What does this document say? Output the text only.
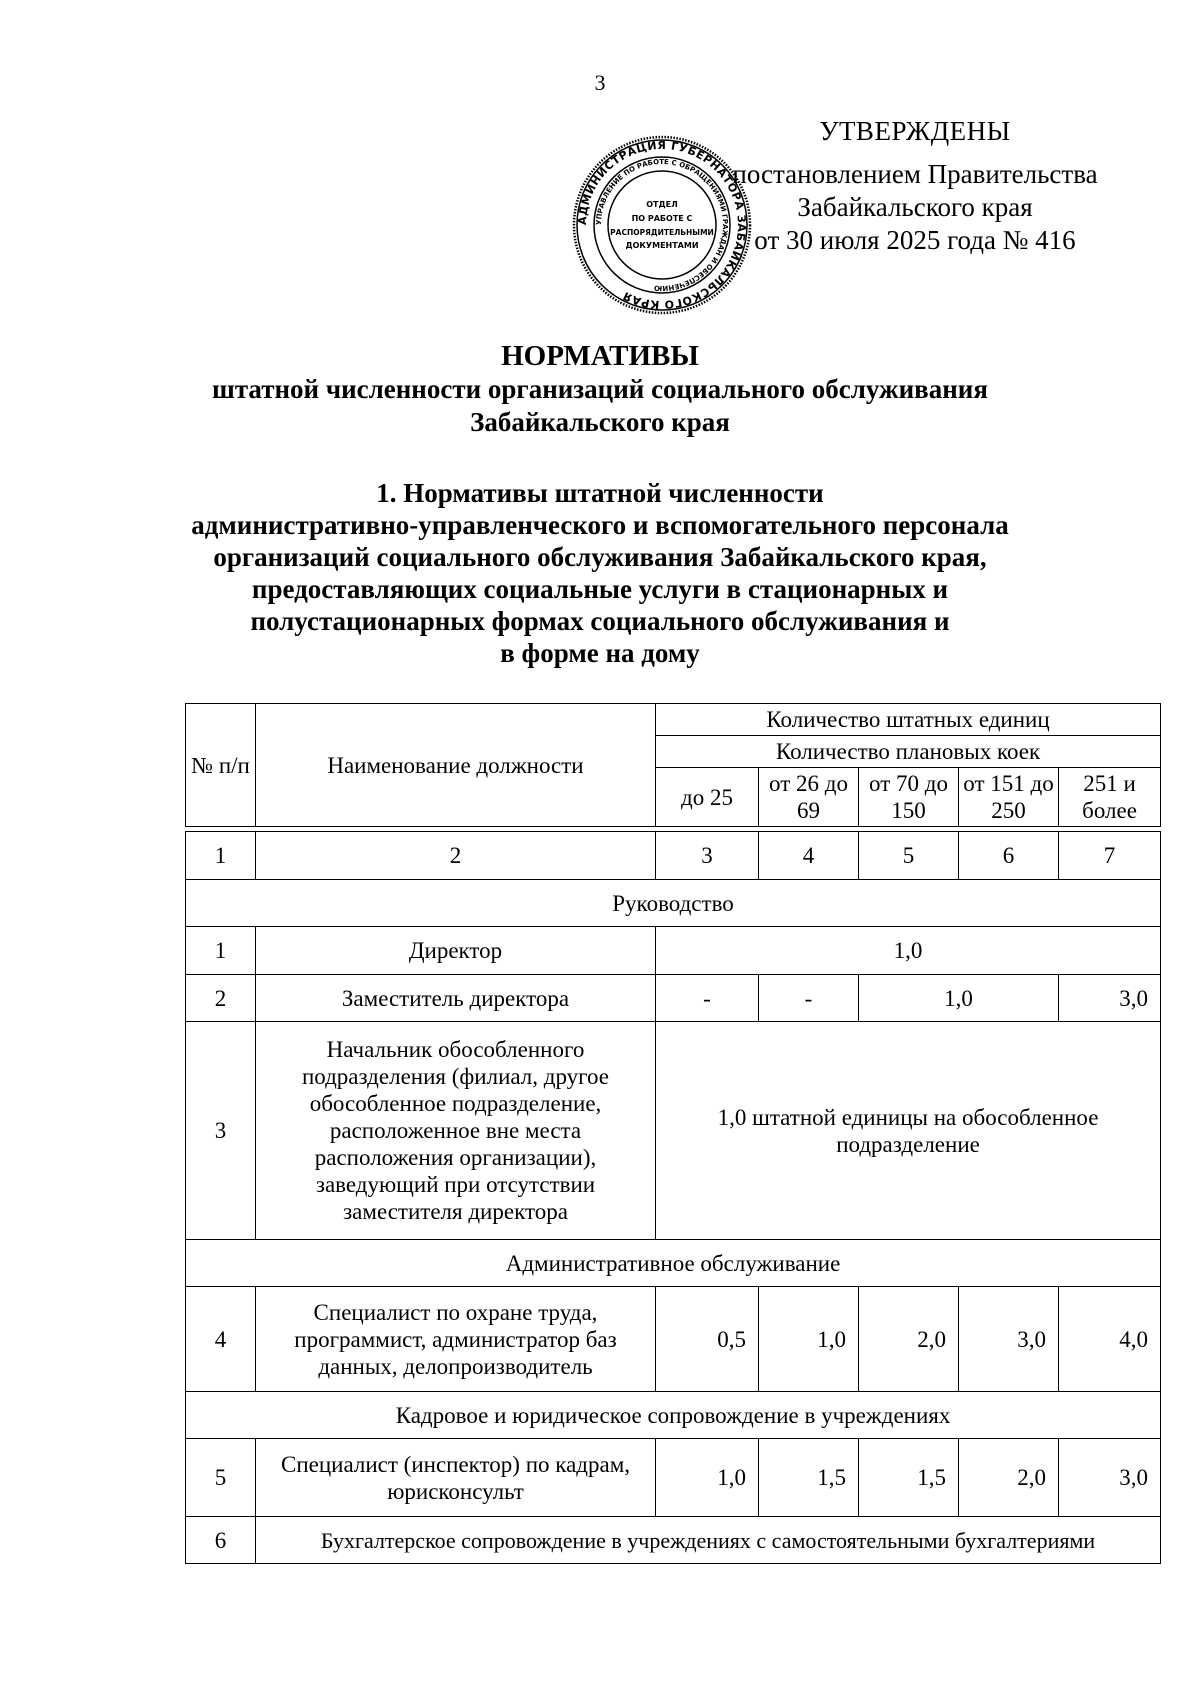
3
УТВЕРЖДЕНЫ
постановлением Правительства
Забайкальского края
от 30 июля 2025 года № 416
АДМИНИСТРАЦИЯ ГУБЕРНАТОРА ЗАБАЙКАЛЬСКОГО КРАЯ
УПРАВЛЕНИЕ ПО РАБОТЕ С ОБРАЩЕНИЯМИ ГРАЖДАН И ОБЕСПЕЧЕНИЮ
ОТДЕЛ
ПО РАБОТЕ С
РАСПОРЯДИТЕЛЬНЫМИ
ДОКУМЕНТАМИ
НОРМАТИВЫ
штатной численности организаций социального обслуживания
Забайкальского края
1. Нормативы штатной численности
административно-управленческого и вспомогательного персонала
организаций социального обслуживания Забайкальского края,
предоставляющих социальные услуги в стационарных и
полустационарных формах социального обслуживания и
в форме на дому
№ п/п	Наименование должности	Количество штатных единиц				
		Количество плановых коек				
		до 25	от 26 до 69	от 70 до 150	от 151 до 250	251 и более

1	2	3	4	5	6	7
Руководство						
1	Директор	1,0				
2	Заместитель директора	-	-	1,0		3,0
3	Начальник обособленного подразделения (филиал, другое обособленное подразделение, расположенное вне места расположения организации), заведующий при отсутствии заместителя директора	1,0 штатной единицы на обособленное подразделение				
Административное обслуживание						
4	Специалист по охране труда, программист, администратор баз данных, делопроизводитель	0,5	1,0	2,0	3,0	4,0
Кадровое и юридическое сопровождение в учреждениях						
5	Специалист (инспектор) по кадрам, юрисконсульт	1,0	1,5	1,5	2,0	3,0
6	Бухгалтерское сопровождение в учреждениях с самостоятельными бухгалтериями					
